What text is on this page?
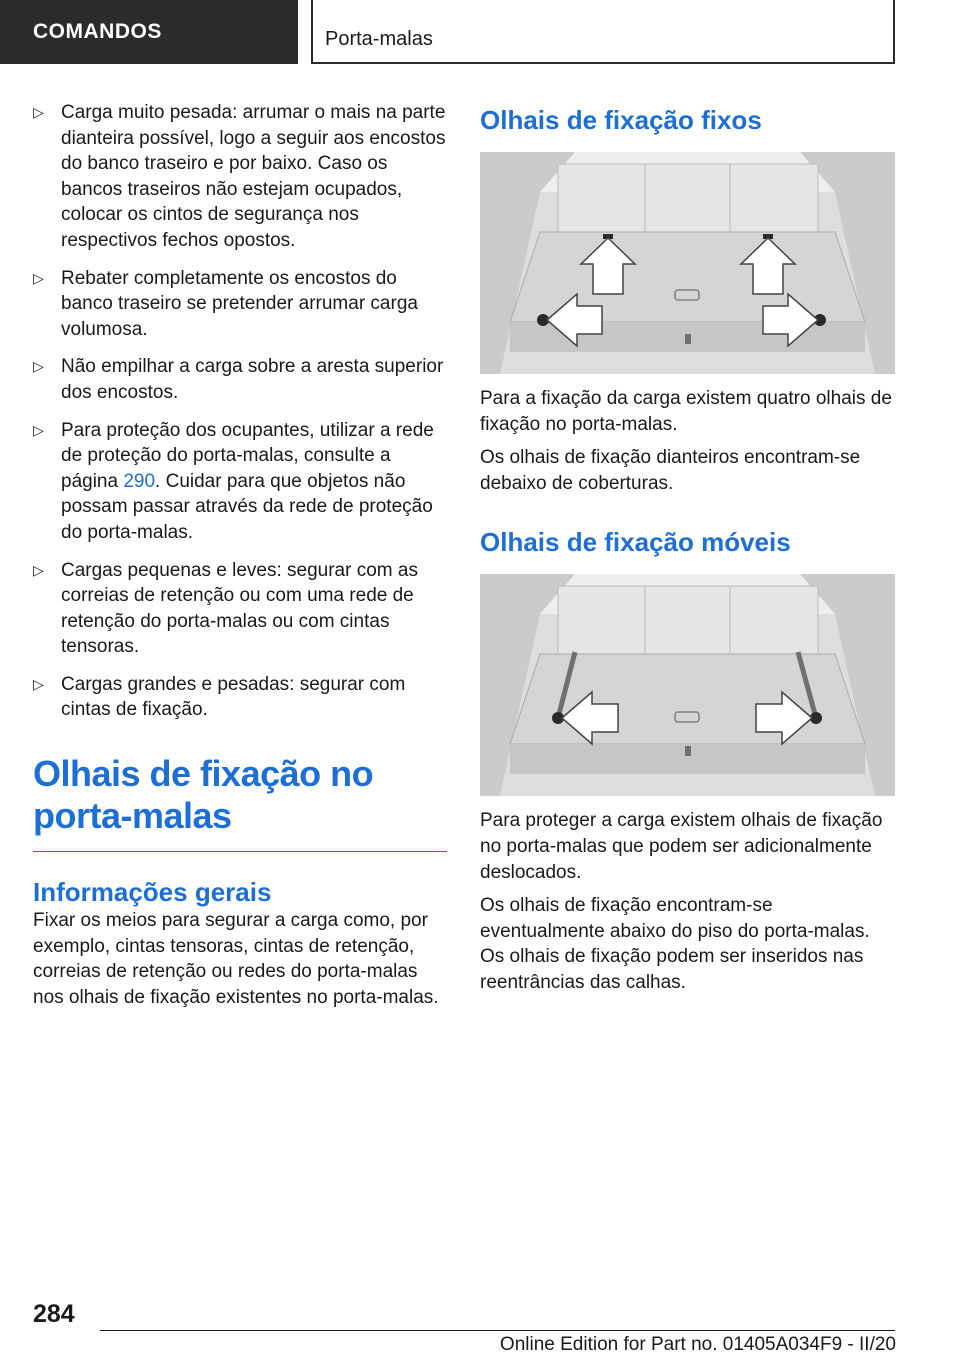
COMANDOS	Porta-malas
▷ Carga muito pesada: arrumar o mais na parte dianteira possível, logo a seguir aos encostos do banco traseiro e por baixo. Caso os bancos traseiros não estejam ocupados, colocar os cintos de segurança nos respectivos fechos opostos.
▷ Rebater completamente os encostos do banco traseiro se pretender arrumar carga volumosa.
▷ Não empilhar a carga sobre a aresta superior dos encostos.
▷ Para proteção dos ocupantes, utilizar a rede de proteção do porta-malas, consulte a página 290. Cuidar para que objetos não possam passar através da rede de proteção do porta-malas.
▷ Cargas pequenas e leves: segurar com as correias de retenção ou com uma rede de retenção do porta-malas ou com cintas tensoras.
▷ Cargas grandes e pesadas: segurar com cintas de fixação.
Olhais de fixação no porta-malas
Informações gerais

Fixar os meios para segurar a carga como, por exemplo, cintas tensoras, cintas de retenção, correias de retenção ou redes do porta-malas nos olhais de fixação existentes no porta-malas.

Olhais de fixação fixos

Para a fixação da carga existem quatro olhais de fixação no porta-malas.

Os olhais de fixação dianteiros encontram-se debaixo de coberturas.

Olhais de fixação móveis

Para proteger a carga existem olhais de fixação no porta-malas que podem ser adicionalmente deslocados.

Os olhais de fixação encontram-se eventualmente abaixo do piso do porta-malas. Os olhais de fixação podem ser inseridos nas reentrâncias das calhas.

284
Online Edition for Part no. 01405A034F9 - II/20
